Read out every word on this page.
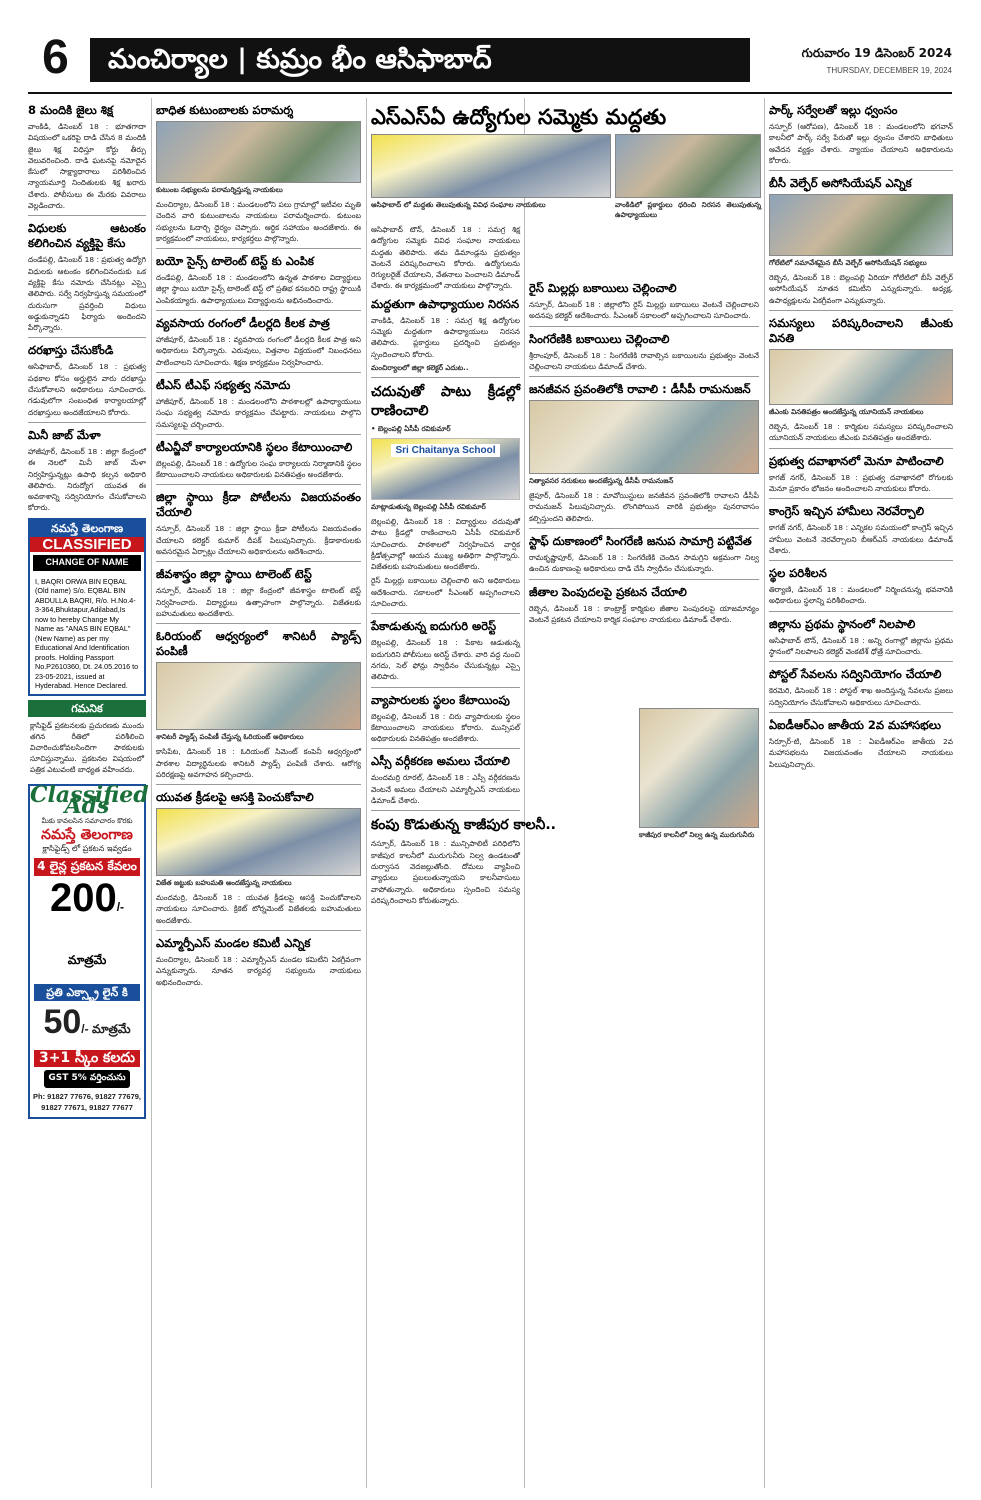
6	మంచిర్యాల | కుమ్రం భీం ఆసిఫాబాద్	గురువారం 19 డిసెంబర్ 2024
THURSDAY, DECEMBER 19, 2024
8 మందికి జైలు శిక్ష

వాంకిడి, డిసెంబర్ 18 : భూతగాదా విషయంలో ఒకరిపై దాడి చేసిన 8 మందికి జైలు శిక్ష విధిస్తూ కోర్టు తీర్పు వెలువరించింది. దాడి ఘటనపై నమోదైన కేసులో సాక్ష్యాధారాలు పరిశీలించిన న్యాయమూర్తి నిందితులకు శిక్ష ఖరారు చేశారు. పోలీసులు ఈ మేరకు వివరాలు వెల్లడించారు.

విధులకు ఆటంకం కలిగించిన వ్యక్తిపై కేసు

దండేపల్లి, డిసెంబర్ 18 : ప్రభుత్వ ఉద్యోగి విధులకు ఆటంకం కలిగించినందుకు ఒక వ్యక్తిపై కేసు నమోదు చేసినట్లు ఎస్సై తెలిపారు. సర్వే నిర్వహిస్తున్న సమయంలో దురుసుగా ప్రవర్తించి విధులు అడ్డుకున్నాడని ఫిర్యాదు అందిందని పేర్కొన్నారు.

దరఖాస్తు చేసుకోండి

ఆసిఫాబాద్, డిసెంబర్ 18 : ప్రభుత్వ పథకాల కోసం అర్హులైన వారు దరఖాస్తు చేసుకోవాలని అధికారులు సూచించారు. గడువులోగా సంబంధిత కార్యాలయాల్లో దరఖాస్తులు అందజేయాలని కోరారు.

మినీ జాబ్ మేళా

హాజీపూర్, డిసెంబర్ 18 : జిల్లా కేంద్రంలో ఈ నెలలో మినీ జాబ్ మేళా నిర్వహిస్తున్నట్లు ఉపాధి కల్పన అధికారి తెలిపారు. నిరుద్యోగ యువత ఈ అవకాశాన్ని సద్వినియోగం చేసుకోవాలని కోరారు.

నమస్తే తెలంగాణ
CLASSIFIED
CHANGE OF NAME
I, BAQRI ORWA BIN EQBAL (Old name) S/o. EQBAL BIN ABDULLA BAQRI, R/o. H.No.4-3-364,Bhuktapur,Adilabad,Is now to hereby Change My Name as "ANAS BIN EQBAL" (New Name) as per my Educational And Identification proofs. Holding Passport No.P2610360, Dt. 24.05.2016 to 23-05-2021, issued at Hyderabad. Hence Declared.
గమనిక
క్లాసిఫైడ్ ప్రకటనలకు ప్రచురణకు ముందు తగిన రీతిలో పరిశీలించి విచారించుకోవలసిందిగా పాఠకులకు సూచిస్తున్నాము. ప్రకటనల విషయంలో పత్రిక ఎటువంటి బాధ్యత వహించదు.
Classified Ads
మీకు కావలసిన సమాచారం కొరకు
నమస్తే తెలంగాణ
క్లాసిఫైడ్స్ లో ప్రకటన ఇవ్వడం
4 లైన్ల ప్రకటన కేవలం
200/- మాత్రమే
ప్రతి ఎక్స్ట్రా లైన్ కి
50/- మాత్రమే
3+1 స్కీం కలదు
GST 5% వర్తించును
Ph: 91827 77676, 91827 77679, 91827 77671, 91827 77677
బాధిత కుటుంబాలకు పరామర్శ
కుటుంబ సభ్యులను పరామర్శిస్తున్న నాయకులు

మంచిర్యాల, డిసెంబర్ 18 : మండలంలోని పలు గ్రామాల్లో ఇటీవల మృతి చెందిన వారి కుటుంబాలను నాయకులు పరామర్శించారు. కుటుంబ సభ్యులను ఓదార్చి ధైర్యం చెప్పారు. ఆర్థిక సహాయం అందజేశారు. ఈ కార్యక్రమంలో నాయకులు, కార్యకర్తలు పాల్గొన్నారు.

బయో సైన్స్ టాలెంట్ టెస్ట్ కు ఎంపిక

దండేపల్లి, డిసెంబర్ 18 : మండలంలోని ఉన్నత పాఠశాల విద్యార్థులు జిల్లా స్థాయి బయో సైన్స్ టాలెంట్ టెస్ట్ లో ప్రతిభ కనబరిచి రాష్ట్ర స్థాయికి ఎంపికయ్యారు. ఉపాధ్యాయులు విద్యార్థులను అభినందించారు.

వ్యవసాయ రంగంలో డీలర్లది కీలక పాత్ర

హాజీపూర్, డిసెంబర్ 18 : వ్యవసాయ రంగంలో డీలర్లది కీలక పాత్ర అని అధికారులు పేర్కొన్నారు. ఎరువులు, విత్తనాల విక్రయంలో నిబంధనలు పాటించాలని సూచించారు. శిక్షణ కార్యక్రమం నిర్వహించారు.

టీఎస్ టీఎఫ్ సభ్యత్వ నమోదు

హాజీపూర్, డిసెంబర్ 18 : మండలంలోని పాఠశాలల్లో ఉపాధ్యాయులు సంఘ సభ్యత్వ నమోదు కార్యక్రమం చేపట్టారు. నాయకులు పాల్గొని సమస్యలపై చర్చించారు.

టీఎన్జీవో కార్యాలయానికి స్థలం కేటాయించాలి

బెల్లంపల్లి, డిసెంబర్ 18 : ఉద్యోగుల సంఘ కార్యాలయ నిర్మాణానికి స్థలం కేటాయించాలని నాయకులు అధికారులకు వినతిపత్రం అందజేశారు.

జిల్లా స్థాయి క్రీడా పోటీలను విజయవంతం చేయాలి

నస్పూర్, డిసెంబర్ 18 : జిల్లా స్థాయి క్రీడా పోటీలను విజయవంతం చేయాలని కలెక్టర్ కుమార్ దీపక్ పిలుపునిచ్చారు. క్రీడాకారులకు అవసరమైన ఏర్పాట్లు చేయాలని అధికారులను ఆదేశించారు.

జీవశాస్త్రం జిల్లా స్థాయి టాలెంట్ టెస్ట్

నస్పూర్, డిసెంబర్ 18 : జిల్లా కేంద్రంలో జీవశాస్త్రం టాలెంట్ టెస్ట్ నిర్వహించారు. విద్యార్థులు ఉత్సాహంగా పాల్గొన్నారు. విజేతలకు బహుమతులు అందజేశారు.

ఓరియంట్ ఆధ్వర్యంలో శానిటరీ ప్యాడ్స్ పంపిణీ
శానిటరీ ప్యాడ్స్ పంపిణీ చేస్తున్న ఓరియంట్ అధికారులు

కాసిపేట, డిసెంబర్ 18 : ఓరియంట్ సిమెంట్ కంపెనీ ఆధ్వర్యంలో పాఠశాల విద్యార్థినులకు శానిటరీ ప్యాడ్స్ పంపిణీ చేశారు. ఆరోగ్య పరిరక్షణపై అవగాహన కల్పించారు.

యువత క్రీడలపై ఆసక్తి పెంచుకోవాలి
విజేత జట్టుకు బహుమతి అందజేస్తున్న నాయకులు

మందమర్రి, డిసెంబర్ 18 : యువత క్రీడలపై ఆసక్తి పెంచుకోవాలని నాయకులు సూచించారు. క్రికెట్ టోర్నమెంట్ విజేతలకు బహుమతులు అందజేశారు.

ఎమ్మార్పీఎస్ మండల కమిటీ ఎన్నిక

మంచిర్యాల, డిసెంబర్ 18 : ఎమ్మార్పీఎస్ మండల కమిటీని ఏకగ్రీవంగా ఎన్నుకున్నారు. నూతన కార్యవర్గ సభ్యులను నాయకులు అభినందించారు.

ఎస్ఎస్ఏ ఉద్యోగుల సమ్మెకు మద్దతు
ఆసిఫాబాద్ లో మద్దతు తెలుపుతున్న వివిధ సంఘాల నాయకులు	వాంకిడిలో ప్లకార్డులు ధరించి నిరసన తెలుపుతున్న ఉపాధ్యాయులు

ఆసిఫాబాద్ టౌన్, డిసెంబర్ 18 : సమగ్ర శిక్ష ఉద్యోగుల సమ్మెకు వివిధ సంఘాల నాయకులు మద్దతు తెలిపారు. తమ డిమాండ్లను ప్రభుత్వం వెంటనే పరిష్కరించాలని కోరారు. ఉద్యోగులను రెగ్యులరైజ్ చేయాలని, వేతనాలు పెంచాలని డిమాండ్ చేశారు. ఈ కార్యక్రమంలో నాయకులు పాల్గొన్నారు.

మద్దతుగా ఉపాధ్యాయుల నిరసన

వాంకిడి, డిసెంబర్ 18 : సమగ్ర శిక్ష ఉద్యోగుల సమ్మెకు మద్దతుగా ఉపాధ్యాయులు నిరసన తెలిపారు. ప్లకార్డులు ప్రదర్శించి ప్రభుత్వం స్పందించాలని కోరారు.

మంచిర్యాలలో జిల్లా కలెక్టర్ ఎదుట..
చదువుతో పాటు క్రీడల్లో రాణించాలి
• బెల్లంపల్లి ఏసీపీ రవికుమార్
Sri Chaitanya School
మాట్లాడుతున్న బెల్లంపల్లి ఏసీపీ రవికుమార్

బెల్లంపల్లి, డిసెంబర్ 18 : విద్యార్థులు చదువుతో పాటు క్రీడల్లో రాణించాలని ఏసీపీ రవికుమార్ సూచించారు. పాఠశాలలో నిర్వహించిన వార్షిక క్రీడోత్సవాల్లో ఆయన ముఖ్య అతిథిగా పాల్గొన్నారు. విజేతలకు బహుమతులు అందజేశారు.

రైస్ మిల్లర్లు బకాయిలు చెల్లించాలి అని అధికారులు ఆదేశించారు. సకాలంలో సీఎంఆర్ అప్పగించాలని సూచించారు.

పేకాడుతున్న ఐదుగురి అరెస్ట్

బెల్లంపల్లి, డిసెంబర్ 18 : పేకాట ఆడుతున్న ఐదుగురిని పోలీసులు అరెస్ట్ చేశారు. వారి వద్ద నుంచి నగదు, సెల్ ఫోన్లు స్వాధీనం చేసుకున్నట్లు ఎస్సై తెలిపారు.

వ్యాపారులకు స్థలం కేటాయింపు

బెల్లంపల్లి, డిసెంబర్ 18 : చిరు వ్యాపారులకు స్థలం కేటాయించాలని నాయకులు కోరారు. మున్సిపల్ అధికారులకు వినతిపత్రం అందజేశారు.

ఎస్సీ వర్గీకరణ అమలు చేయాలి

మందమర్రి రూరల్, డిసెంబర్ 18 : ఎస్సీ వర్గీకరణను వెంటనే అమలు చేయాలని ఎమ్మార్పీఎస్ నాయకులు డిమాండ్ చేశారు.

కంపు కొడుతున్న కాజీపుర కాలనీ..

నస్పూర్, డిసెంబర్ 18 : మున్సిపాలిటీ పరిధిలోని కాజీపుర కాలనీలో మురుగునీరు నిల్వ ఉండటంతో దుర్వాసన వెదజల్లుతోంది. దోమలు వ్యాపించి వ్యాధులు ప్రబలుతున్నాయని కాలనీవాసులు వాపోతున్నారు. అధికారులు స్పందించి సమస్య పరిష్కరించాలని కోరుతున్నారు.

రైస్ మిల్లర్లు బకాయిలు చెల్లించాలి

నస్పూర్, డిసెంబర్ 18 : జిల్లాలోని రైస్ మిల్లర్లు బకాయిలు వెంటనే చెల్లించాలని అదనపు కలెక్టర్ ఆదేశించారు. సీఎంఆర్ సకాలంలో అప్పగించాలని సూచించారు.

సింగరేణికి బకాయిలు చెల్లించాలి

శ్రీరాంపూర్, డిసెంబర్ 18 : సింగరేణికి రావాల్సిన బకాయిలను ప్రభుత్వం వెంటనే చెల్లించాలని నాయకులు డిమాండ్ చేశారు.

జనజీవన ప్రవంతిలోకి రావాలి : డీసీపీ రామనుజన్
నిత్యావసర సరుకులు అందజేస్తున్న డీసీపీ రామనుజన్

జైపూర్, డిసెంబర్ 18 : మావోయిస్టులు జనజీవన స్రవంతిలోకి రావాలని డీసీపీ రామనుజన్ పిలుపునిచ్చారు. లొంగిపోయిన వారికి ప్రభుత్వం పునరావాసం కల్పిస్తుందని తెలిపారు.

స్టాఫ్ దుకాణంలో సింగరేణి జనుప సామాగ్రి పట్టివేత

రామకృష్ణాపూర్, డిసెంబర్ 18 : సింగరేణికి చెందిన సామగ్రిని అక్రమంగా నిల్వ ఉంచిన దుకాణంపై అధికారులు దాడి చేసి స్వాధీనం చేసుకున్నారు.

జీతాల పెంపుదలపై ప్రకటన చేయాలి

రెబ్బెన, డిసెంబర్ 18 : కాంట్రాక్ట్ కార్మికుల జీతాల పెంపుదలపై యాజమాన్యం వెంటనే ప్రకటన చేయాలని కార్మిక సంఘాల నాయకులు డిమాండ్ చేశారు.

కాజీపుర కాలనీలో నిల్వ ఉన్న మురుగునీరు
పార్క్ సర్వేలతో ఇల్లు ధ్వంసం

నస్పూర్ (ఆరోపణ), డిసెంబర్ 18 : మండలంలోని భగవాన్ కాలనీలో పార్క్ సర్వే పేరుతో ఇల్లు ధ్వంసం చేశారని బాధితులు ఆవేదన వ్యక్తం చేశారు. న్యాయం చేయాలని అధికారులను కోరారు.

బీసీ వెల్ఫేర్ అసోసియేషన్ ఎన్నిక
గోలేటిలో సమావేశమైన బీసీ వెల్ఫేర్ అసోసియేషన్ సభ్యులు

రెబ్బెన, డిసెంబర్ 18 : బెల్లంపల్లి ఏరియా గోలేటిలో బీసీ వెల్ఫేర్ అసోసియేషన్ నూతన కమిటీని ఎన్నుకున్నారు. అధ్యక్ష, ఉపాధ్యక్షులను ఏకగ్రీవంగా ఎన్నుకున్నారు.

సమస్యలు పరిష్కరించాలని జీఎంకు వినతి
జీఎంకు వినతిపత్రం అందజేస్తున్న యూనియన్ నాయకులు

రెబ్బెన, డిసెంబర్ 18 : కార్మికుల సమస్యలు పరిష్కరించాలని యూనియన్ నాయకులు జీఎంకు వినతిపత్రం అందజేశారు.

ప్రభుత్వ దవాఖానలో మెనూ పాటించాలి

కాగజ్ నగర్, డిసెంబర్ 18 : ప్రభుత్వ దవాఖానలో రోగులకు మెనూ ప్రకారం భోజనం అందించాలని నాయకులు కోరారు.

కాంగ్రెస్ ఇచ్చిన హామీలు నెరవేర్చాలి

కాగజ్ నగర్, డిసెంబర్ 18 : ఎన్నికల సమయంలో కాంగ్రెస్ ఇచ్చిన హామీలు వెంటనే నెరవేర్చాలని బీఆర్ఎస్ నాయకులు డిమాండ్ చేశారు.

స్థల పరిశీలన

తిర్యాణి, డిసెంబర్ 18 : మండలంలో నిర్మించనున్న భవనానికి అధికారులు స్థలాన్ని పరిశీలించారు.

జిల్లాను ప్రథమ స్థానంలో నిలపాలి

ఆసిఫాబాద్ టౌన్, డిసెంబర్ 18 : అన్ని రంగాల్లో జిల్లాను ప్రథమ స్థానంలో నిలపాలని కలెక్టర్ వెంకటేశ్ ధోత్రే సూచించారు.

పోస్టల్ సేవలను సద్వినియోగం చేయాలి

కెరమెరి, డిసెంబర్ 18 : పోస్టల్ శాఖ అందిస్తున్న సేవలను ప్రజలు సద్వినియోగం చేసుకోవాలని అధికారులు సూచించారు.

ఏఐడీఆర్ఎం జాతీయ 2వ మహాసభలు

సిర్పూర్-టి, డిసెంబర్ 18 : ఏఐడీఆర్ఎం జాతీయ 2వ మహాసభలను విజయవంతం చేయాలని నాయకులు పిలుపునిచ్చారు.
